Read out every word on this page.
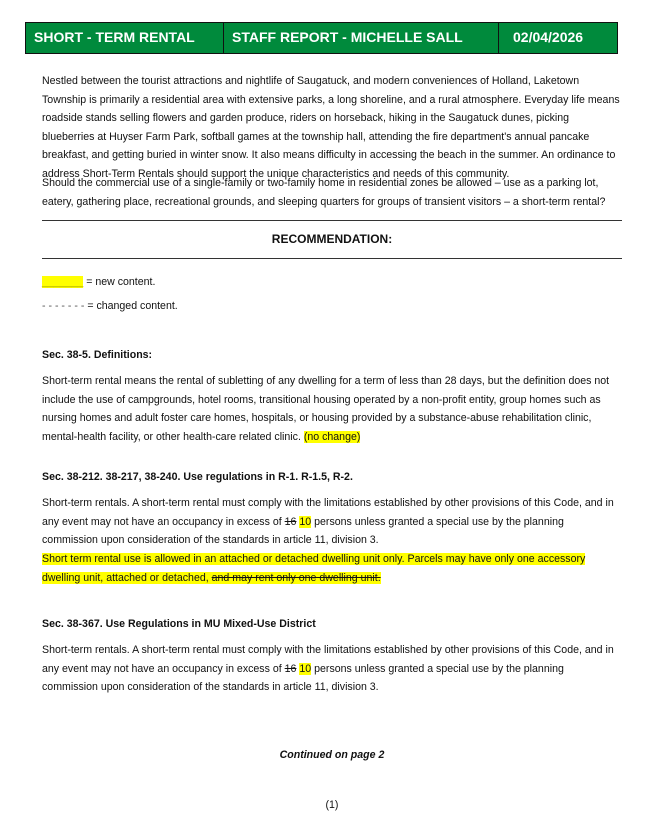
SHORT - TERM RENTAL	STAFF REPORT - MICHELLE SALL	02/04/2026
Nestled between the tourist attractions and nightlife of Saugatuck, and modern conveniences of Holland, Laketown Township is primarily a residential area with extensive parks, a long shoreline, and a rural atmosphere. Everyday life means roadside stands selling flowers and garden produce, riders on horseback, hiking in the Saugatuck dunes, picking blueberries at Huyser Farm Park, softball games at the township hall, attending the fire department's annual pancake breakfast, and getting buried in winter snow. It also means difficulty in accessing the beach in the summer. An ordinance to address Short-Term Rentals should support the unique characteristics and needs of this community.
Should the commercial use of a single-family or two-family home in residential zones be allowed – use as a parking lot, eatery, gathering place, recreational grounds, and sleeping quarters for groups of transient visitors – a short-term rental?
RECOMMENDATION:
_______ = new content.
- - - - - - - = changed content.
Sec. 38-5. Definitions:
Short-term rental means the rental of subletting of any dwelling for a term of less than 28 days, but the definition does not include the use of campgrounds, hotel rooms, transitional housing operated by a non-profit entity, group homes such as nursing homes and adult foster care homes, hospitals, or housing provided by a substance-abuse rehabilitation clinic, mental-health facility, or other health-care related clinic. (no change)
Sec. 38-212. 38-217, 38-240. Use regulations in R-1. R-1.5, R-2.
Short-term rentals. A short-term rental must comply with the limitations established by other provisions of this Code, and in any event may not have an occupancy in excess of 16 10 persons unless granted a special use by the planning commission upon consideration of the standards in article 11, division 3.
Short term rental use is allowed in an attached or detached dwelling unit only. Parcels may have only one accessory dwelling unit, attached or detached, and may rent only one dwelling unit.
Sec. 38-367. Use Regulations in MU Mixed-Use District
Short-term rentals. A short-term rental must comply with the limitations established by other provisions of this Code, and in any event may not have an occupancy in excess of 16 10 persons unless granted a special use by the planning commission upon consideration of the standards in article 11, division 3.
Continued on page 2
(1)
